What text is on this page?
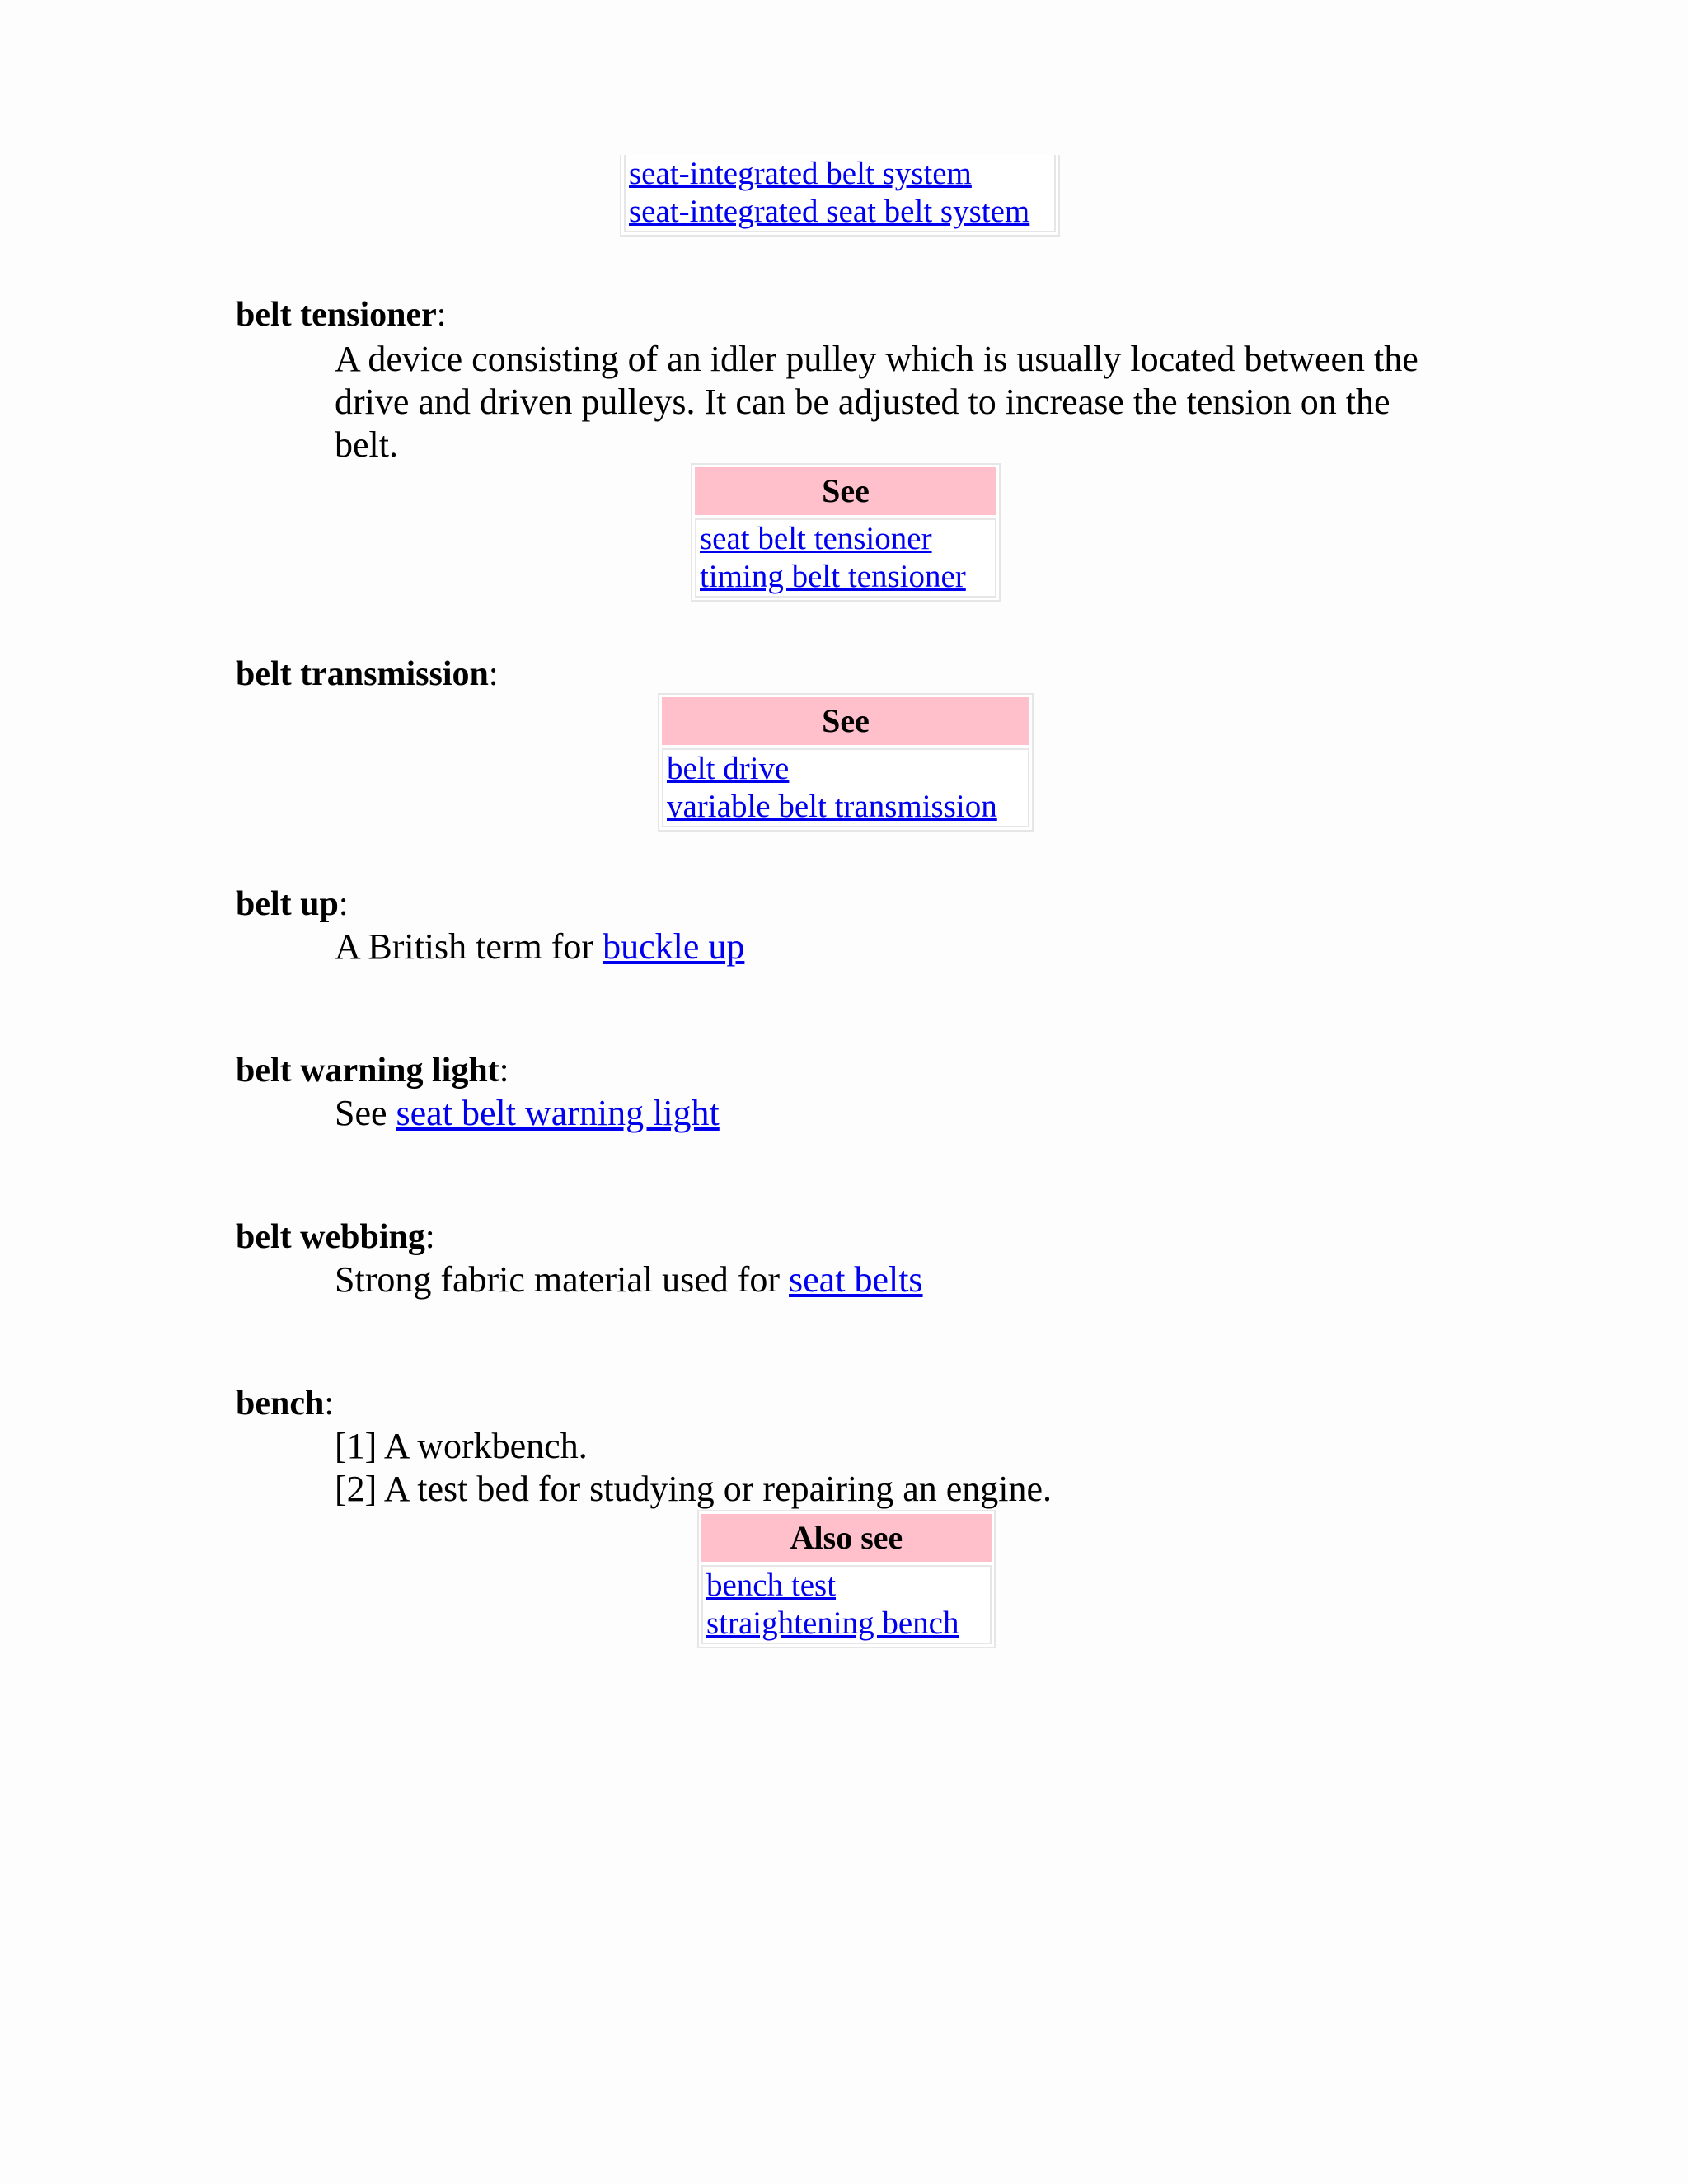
seat-integrated belt system
seat-integrated seat belt system
belt tensioner:
A device consisting of an idler pulley which is usually located between the
drive and driven pulleys. It can be adjusted to increase the tension on the
belt.
See
seat belt tensioner
timing belt tensioner
belt transmission:
See
belt drive
variable belt transmission
belt up:
A British term for buckle up
belt warning light:
See seat belt warning light
belt webbing:
Strong fabric material used for seat belts
bench:
[1] A workbench.
[2] A test bed for studying or repairing an engine.
Also see
bench test
straightening bench
